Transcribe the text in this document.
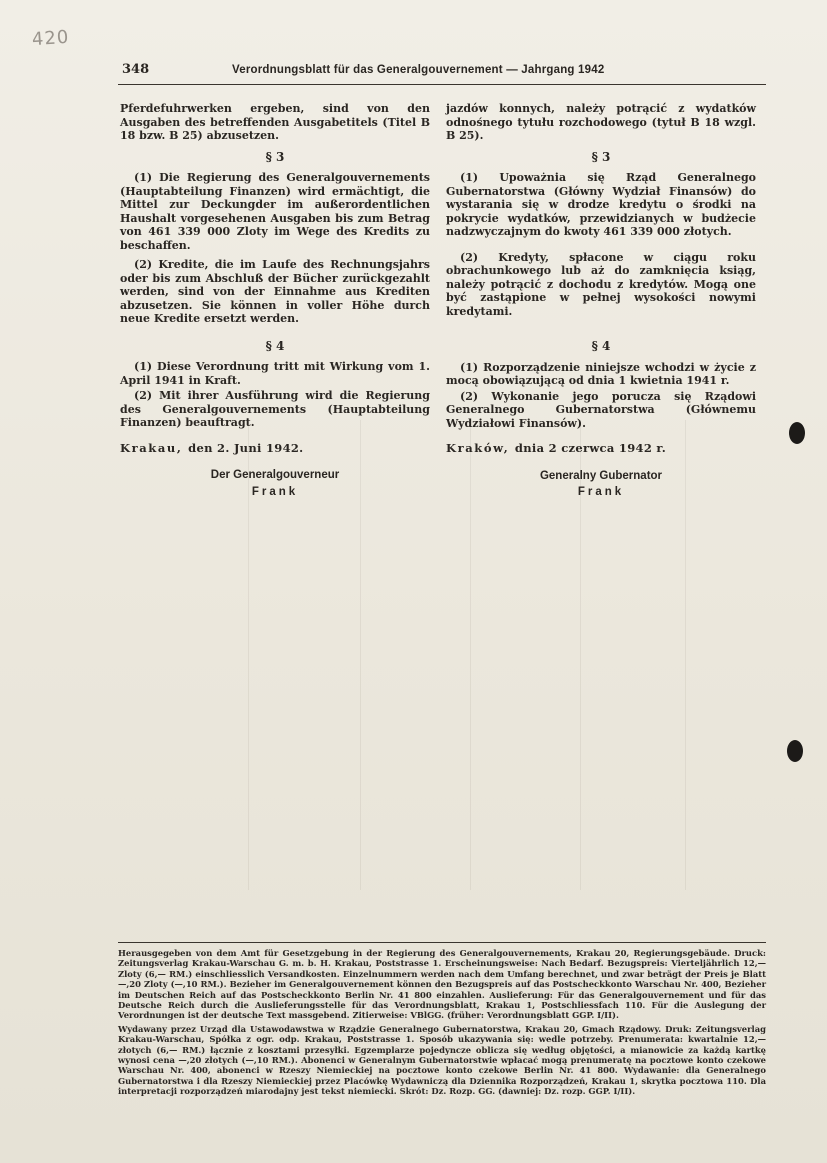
420
348	Verordnungsblatt für das Generalgouvernement — Jahrgang 1942

Pferdefuhrwerken ergeben, sind von den Ausgaben des betreffenden Ausgabetitels (Titel B 18 bzw. B 25) abzusetzen.

§ 3

(1) Die Regierung des Generalgouvernements (Hauptabteilung Finanzen) wird ermächtigt, die Mittel zur Deckungder im außerordentlichen Haushalt vorgesehenen Ausgaben bis zum Betrag von 461 339 000 Zloty im Wege des Kredits zu beschaffen.

(2) Kredite, die im Laufe des Rechnungsjahrs oder bis zum Abschluß der Bücher zurückgezahlt werden, sind von der Einnahme aus Krediten abzusetzen. Sie können in voller Höhe durch neue Kredite ersetzt werden.

§ 4

(1) Diese Verordnung tritt mit Wirkung vom 1. April 1941 in Kraft.

(2) Mit ihrer Ausführung wird die Regierung des Generalgouvernements (Hauptabteilung Finanzen) beauftragt.

Krakau, den 2. Juni 1942.
Der Generalgouverneur
Frank

jazdów konnych, należy potrącić z wydatków odnośnego tytułu rozchodowego (tytuł B 18 wzgl. B 25).

§ 3

(1) Upoważnia się Rząd Generalnego Gubernatorstwa (Główny Wydział Finansów) do wystarania się w drodze kredytu o środki na pokrycie wydatków, przewidzianych w budżecie nadzwyczajnym do kwoty 461 339 000 złotych.

(2) Kredyty, spłacone w ciągu roku obrachunkowego lub aż do zamknięcia ksiąg, należy potrącić z dochodu z kredytów. Mogą one być zastąpione w pełnej wysokości nowymi kredytami.

§ 4

(1) Rozporządzenie niniejsze wchodzi w życie z mocą obowiązującą od dnia 1 kwietnia 1941 r.

(2) Wykonanie jego porucza się Rządowi Generalnego Gubernatorstwa (Głównemu Wydziałowi Finansów).

Kraków, dnia 2 czerwca 1942 r.
Generalny Gubernator
Frank

Herausgegeben von dem Amt für Gesetzgebung in der Regierung des Generalgouvernements, Krakau 20, Regierungsgebäude. Druck: Zeitungsverlag Krakau-Warschau G. m. b. H. Krakau, Poststrasse 1. Erscheinungsweise: Nach Bedarf. Bezugspreis: Vierteljährlich 12,— Zloty (6,— RM.) einschliesslich Versandkosten. Einzelnummern werden nach dem Umfang berechnet, und zwar beträgt der Preis je Blatt —,20 Zloty (—,10 RM.). Bezieher im Generalgouvernement können den Bezugspreis auf das Postscheckkonto Warschau Nr. 400, Bezieher im Deutschen Reich auf das Postscheckkonto Berlin Nr. 41 800 einzahlen. Auslieferung: Für das Generalgouvernement und für das Deutsche Reich durch die Auslieferungsstelle für das Verordnungsblatt, Krakau 1, Postschliessfach 110. Für die Auslegung der Verordnungen ist der deutsche Text massgebend. Zitierweise: VBlGG. (früher: Verordnungsblatt GGP. I/II).

Wydawany przez Urząd dla Ustawodawstwa w Rządzie Generalnego Gubernatorstwa, Krakau 20, Gmach Rządowy. Druk: Zeitungsverlag Krakau-Warschau, Spółka z ogr. odp. Krakau, Poststrasse 1. Sposób ukazywania się: wedle potrzeby. Prenumerata: kwartalnie 12,— złotych (6,— RM.) łącznie z kosztami przesyłki. Egzemplarze pojedyncze oblicza się według objętości, a mianowicie za każdą kartkę wynosi cena —,20 złotych (—,10 RM.). Abonenci w Generalnym Gubernatorstwie wpłacać mogą prenumeratę na pocztowe konto czekowe Warschau Nr. 400, abonenci w Rzeszy Niemieckiej na pocztowe konto czekowe Berlin Nr. 41 800. Wydawanie: dla Generalnego Gubernatorstwa i dla Rzeszy Niemieckiej przez Placówkę Wydawniczą dla Dziennika Rozporządzeń, Krakau 1, skrytka pocztowa 110. Dla interpretacji rozporządzeń miarodajny jest tekst niemiecki. Skrót: Dz. Rozp. GG. (dawniej: Dz. rozp. GGP. I/II).
